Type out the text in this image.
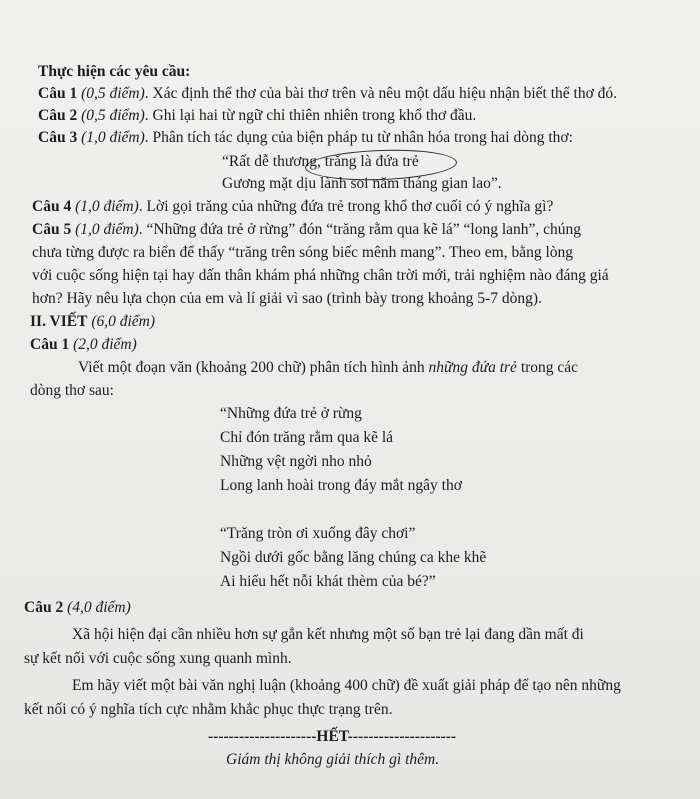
Thực hiện các yêu cầu:
Câu 1 (0,5 điểm). Xác định thể thơ của bài thơ trên và nêu một dấu hiệu nhận biết thể thơ đó.
Câu 2 (0,5 điểm). Ghi lại hai từ ngữ chỉ thiên nhiên trong khổ thơ đầu.
Câu 3 (1,0 điểm). Phân tích tác dụng của biện pháp tu từ nhân hóa trong hai dòng thơ:
“Rất dễ thương, trăng là đứa trẻ
Gương mặt dịu lành soi năm tháng gian lao”.
Câu 4 (1,0 điểm). Lời gọi trăng của những đứa trẻ trong khổ thơ cuối có ý nghĩa gì?
Câu 5 (1,0 điểm). “Những đứa trẻ ở rừng” đón “trăng rằm qua kẽ lá” “long lanh”, chúng
chưa từng được ra biển để thấy “trăng trên sóng biếc mênh mang”. Theo em, bằng lòng
với cuộc sống hiện tại hay dấn thân khám phá những chân trời mới, trải nghiệm nào đáng giá
hơn? Hãy nêu lựa chọn của em và lí giải vì sao (trình bày trong khoảng 5-7 dòng).
II. VIẾT (6,0 điểm)
Câu 1 (2,0 điểm)
Viết một đoạn văn (khoảng 200 chữ) phân tích hình ảnh những đứa trẻ trong các
dòng thơ sau:
“Những đứa trẻ ở rừng
Chỉ đón trăng rằm qua kẽ lá
Những vệt ngời nho nhỏ
Long lanh hoài trong đáy mắt ngây thơ
“Trăng tròn ơi xuống đây chơi”
Ngồi dưới gốc bằng lăng chúng ca khe khẽ
Ai hiểu hết nỗi khát thèm của bé?”
Câu 2 (4,0 điểm)
Xã hội hiện đại cần nhiều hơn sự gắn kết nhưng một số bạn trẻ lại đang dần mất đi
sự kết nối với cuộc sống xung quanh mình.
Em hãy viết một bài văn nghị luận (khoảng 400 chữ) đề xuất giải pháp để tạo nên những
kết nối có ý nghĩa tích cực nhằm khắc phục thực trạng trên.
---------------------HẾT---------------------
Giám thị không giải thích gì thêm.
